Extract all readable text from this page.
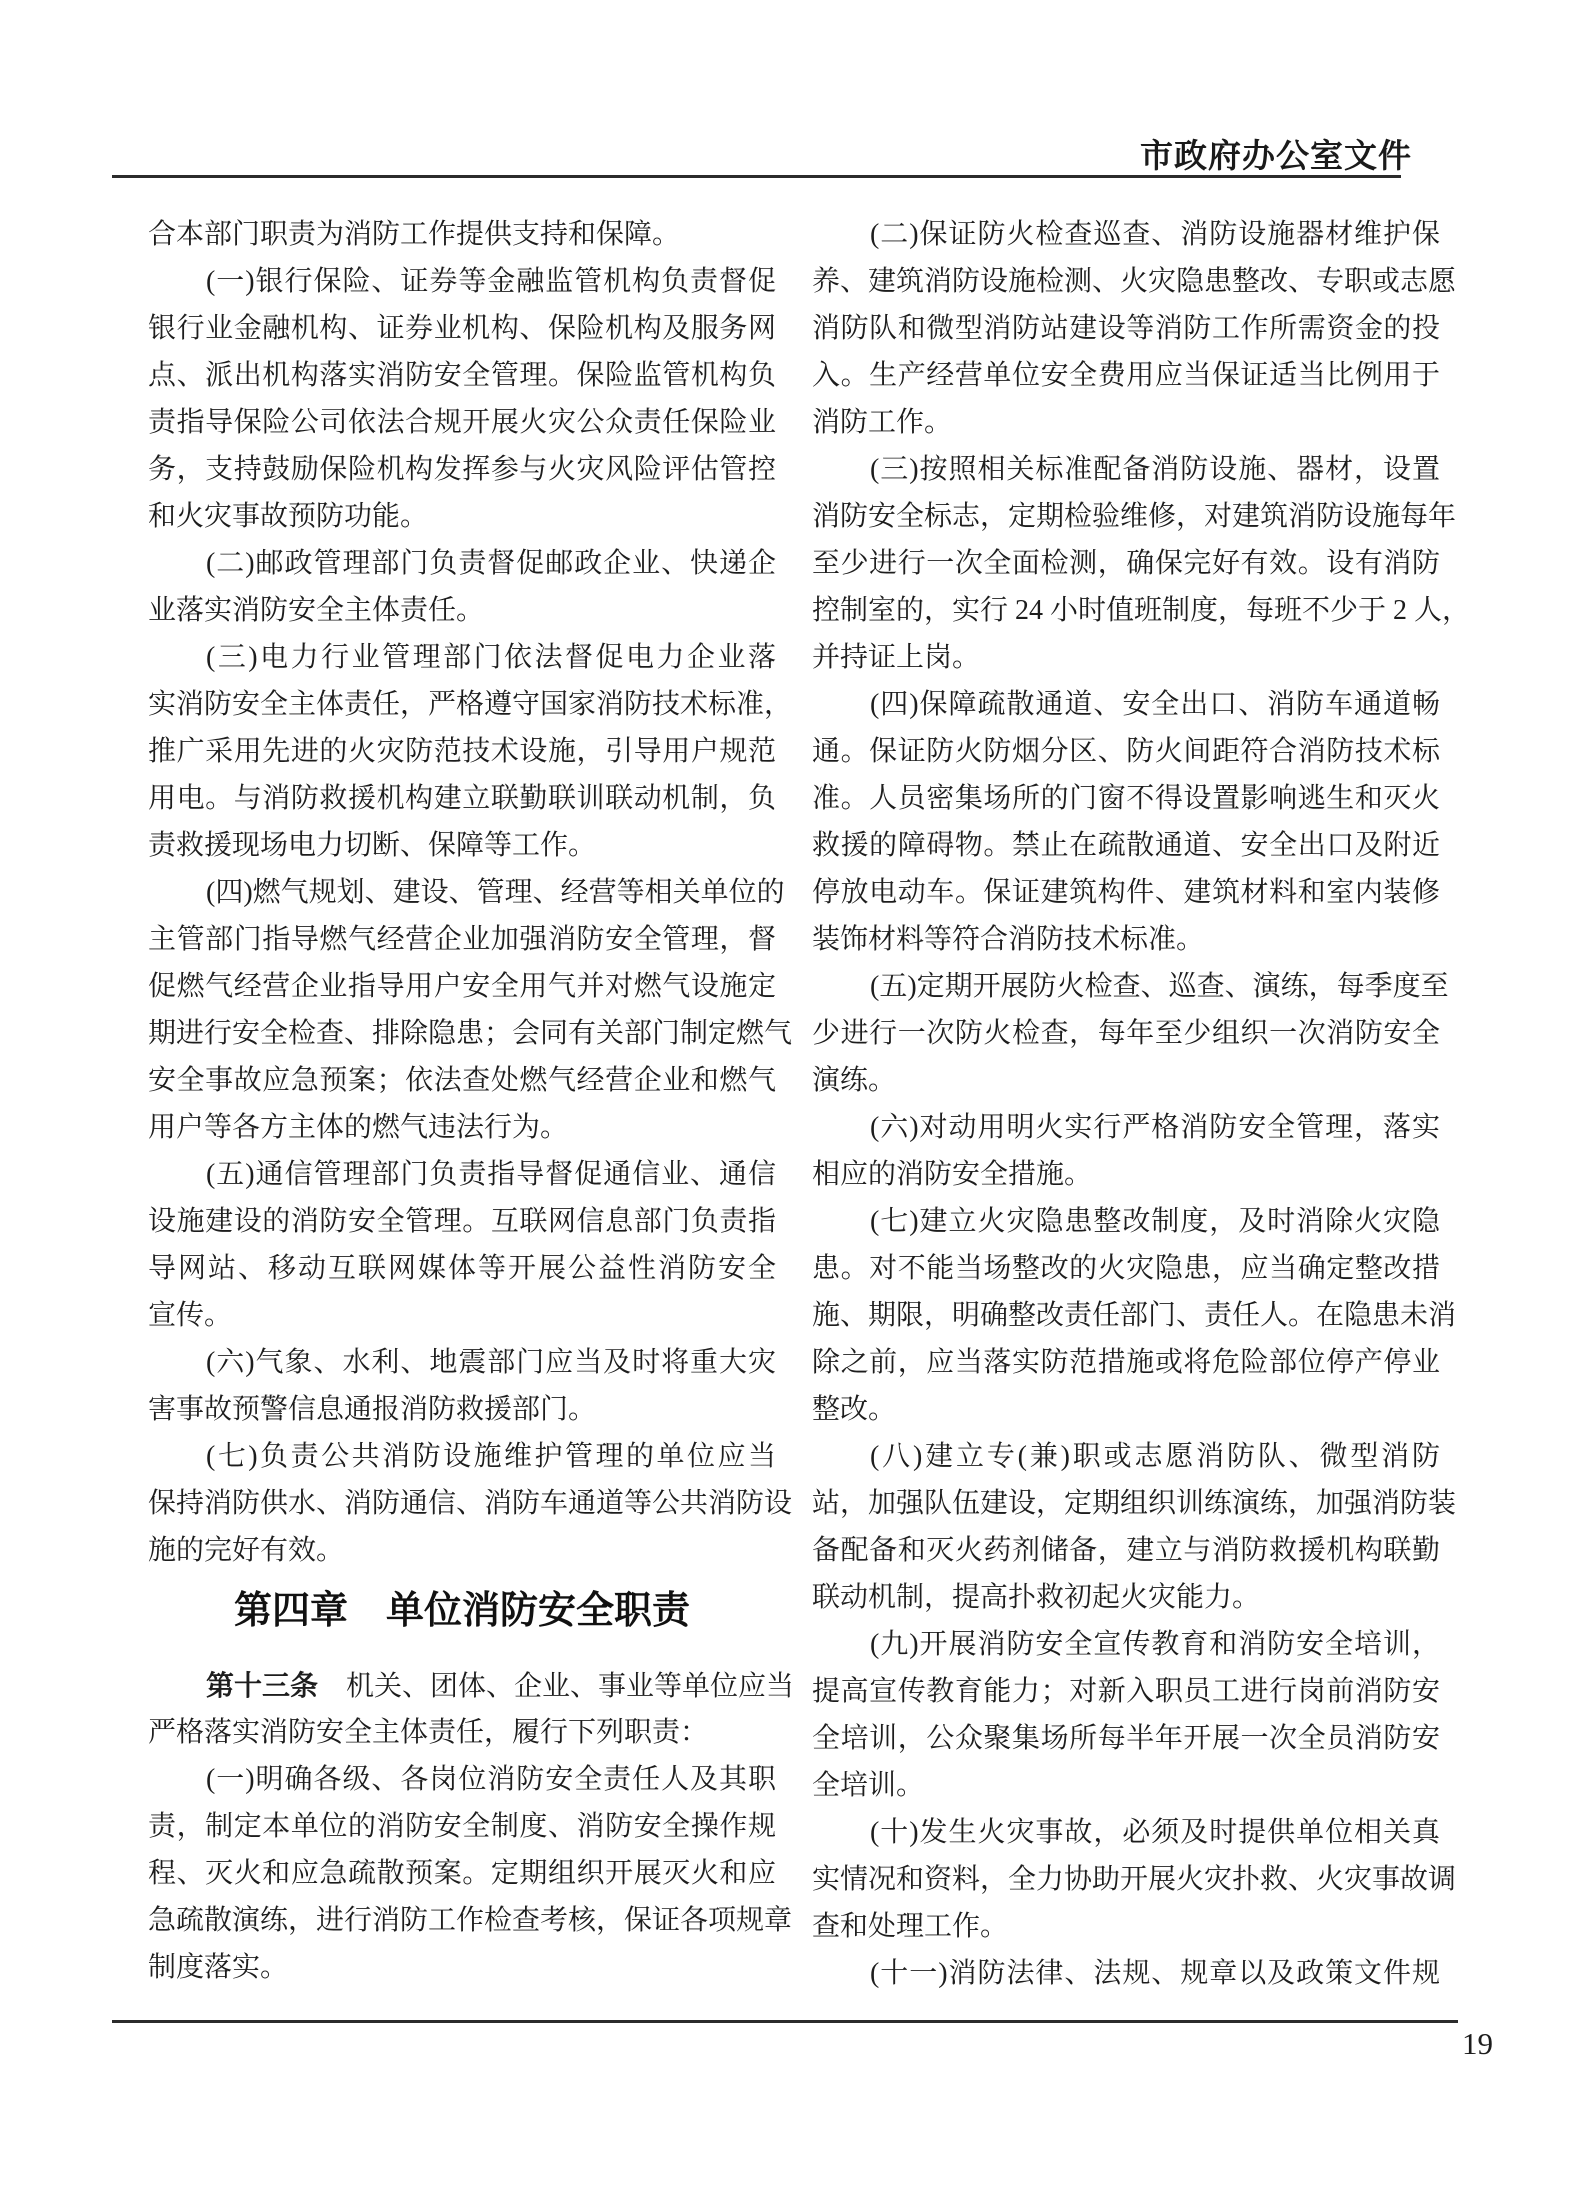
市政府办公室文件
合本部门职责为消防工作提供支持和保障。
(一)银行保险、证券等金融监管机构负责督促
银行业金融机构、证券业机构、保险机构及服务网
点、派出机构落实消防安全管理。保险监管机构负
责指导保险公司依法合规开展火灾公众责任保险业
务，支持鼓励保险机构发挥参与火灾风险评估管控
和火灾事故预防功能。
(二)邮政管理部门负责督促邮政企业、快递企
业落实消防安全主体责任。
(三)电力行业管理部门依法督促电力企业落
实消防安全主体责任，严格遵守国家消防技术标准，
推广采用先进的火灾防范技术设施，引导用户规范
用电。与消防救援机构建立联勤联训联动机制，负
责救援现场电力切断、保障等工作。
(四)燃气规划、建设、管理、经营等相关单位的
主管部门指导燃气经营企业加强消防安全管理，督
促燃气经营企业指导用户安全用气并对燃气设施定
期进行安全检查、排除隐患；会同有关部门制定燃气
安全事故应急预案；依法查处燃气经营企业和燃气
用户等各方主体的燃气违法行为。
(五)通信管理部门负责指导督促通信业、通信
设施建设的消防安全管理。互联网信息部门负责指
导网站、移动互联网媒体等开展公益性消防安全
宣传。
(六)气象、水利、地震部门应当及时将重大灾
害事故预警信息通报消防救援部门。
(七)负责公共消防设施维护管理的单位应当
保持消防供水、消防通信、消防车通道等公共消防设
施的完好有效。
第四章　单位消防安全职责
第十三条　机关、团体、企业、事业等单位应当
严格落实消防安全主体责任，履行下列职责：
(一)明确各级、各岗位消防安全责任人及其职
责，制定本单位的消防安全制度、消防安全操作规
程、灭火和应急疏散预案。定期组织开展灭火和应
急疏散演练，进行消防工作检查考核，保证各项规章
制度落实。
(二)保证防火检查巡查、消防设施器材维护保
养、建筑消防设施检测、火灾隐患整改、专职或志愿
消防队和微型消防站建设等消防工作所需资金的投
入。生产经营单位安全费用应当保证适当比例用于
消防工作。
(三)按照相关标准配备消防设施、器材，设置
消防安全标志，定期检验维修，对建筑消防设施每年
至少进行一次全面检测，确保完好有效。设有消防
控制室的，实行 24 小时值班制度，每班不少于 2 人，
并持证上岗。
(四)保障疏散通道、安全出口、消防车通道畅
通。保证防火防烟分区、防火间距符合消防技术标
准。人员密集场所的门窗不得设置影响逃生和灭火
救援的障碍物。禁止在疏散通道、安全出口及附近
停放电动车。保证建筑构件、建筑材料和室内装修
装饰材料等符合消防技术标准。
(五)定期开展防火检查、巡查、演练，每季度至
少进行一次防火检查，每年至少组织一次消防安全
演练。
(六)对动用明火实行严格消防安全管理，落实
相应的消防安全措施。
(七)建立火灾隐患整改制度，及时消除火灾隐
患。对不能当场整改的火灾隐患，应当确定整改措
施、期限，明确整改责任部门、责任人。在隐患未消
除之前，应当落实防范措施或将危险部位停产停业
整改。
(八)建立专(兼)职或志愿消防队、微型消防
站，加强队伍建设，定期组织训练演练，加强消防装
备配备和灭火药剂储备，建立与消防救援机构联勤
联动机制，提高扑救初起火灾能力。
(九)开展消防安全宣传教育和消防安全培训，
提高宣传教育能力；对新入职员工进行岗前消防安
全培训，公众聚集场所每半年开展一次全员消防安
全培训。
(十)发生火灾事故，必须及时提供单位相关真
实情况和资料，全力协助开展火灾扑救、火灾事故调
查和处理工作。
(十一)消防法律、法规、规章以及政策文件规
19
